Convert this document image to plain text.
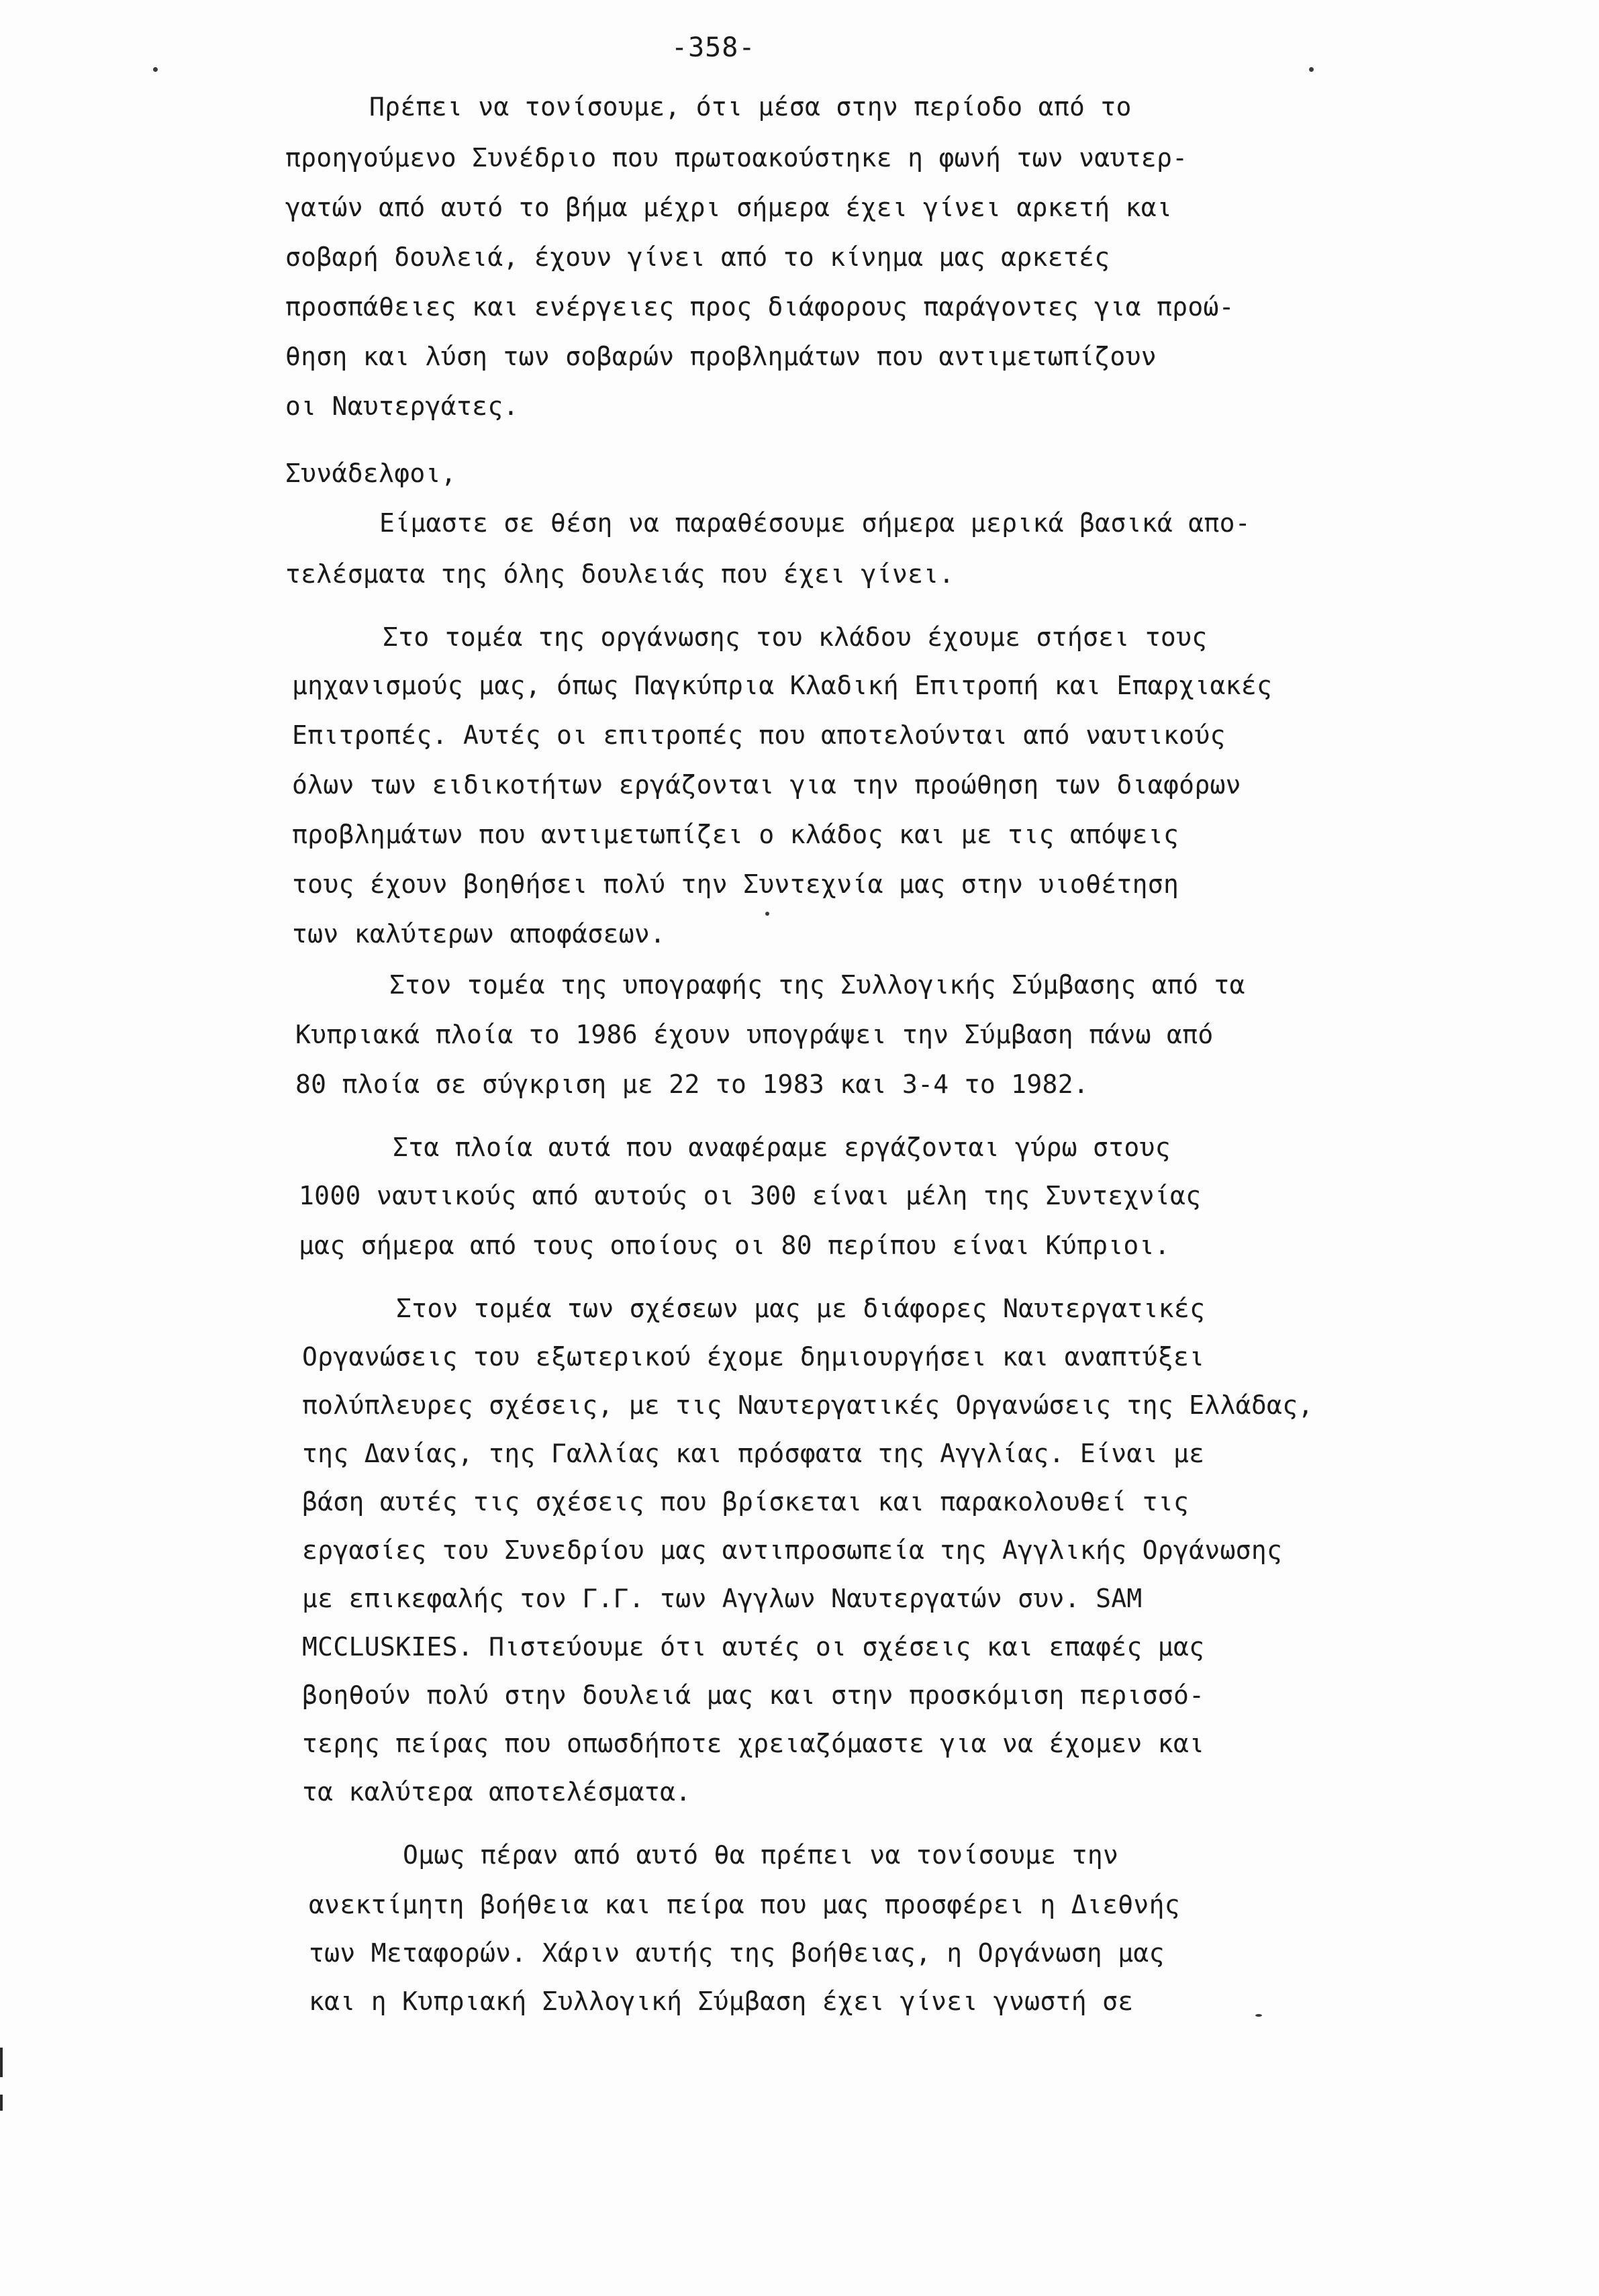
-358-
Πρέπει να τονίσουμε, ότι μέσα στην περίοδο από το
προηγούμενο Συνέδριο που πρωτοακούστηκε η φωνή των ναυτερ-
γατών από αυτό το βήμα μέχρι σήμερα έχει γίνει αρκετή και
σοβαρή δουλειά, έχουν γίνει από το κίνημα μας αρκετές
προσπάθειες και ενέργειες προς διάφορους παράγοντες για προώ-
θηση και λύση των σοβαρών προβλημάτων που αντιμετωπίζουν
οι Ναυτεργάτες.
Συνάδελφοι,
Είμαστε σε θέση να παραθέσουμε σήμερα μερικά βασικά απο-
τελέσματα της όλης δουλειάς που έχει γίνει.
Στο τομέα της οργάνωσης του κλάδου έχουμε στήσει τους
μηχανισμούς μας, όπως Παγκύπρια Κλαδική Επιτροπή και Επαρχιακές
Επιτροπές. Αυτές οι επιτροπές που αποτελούνται από ναυτικούς
όλων των ειδικοτήτων εργάζονται για την προώθηση των διαφόρων
προβλημάτων που αντιμετωπίζει ο κλάδος και με τις απόψεις
τους έχουν βοηθήσει πολύ την Συντεχνία μας στην υιοθέτηση
των καλύτερων αποφάσεων.
Στον τομέα της υπογραφής της Συλλογικής Σύμβασης από τα
Κυπριακά πλοία το 1986 έχουν υπογράψει την Σύμβαση πάνω από
80 πλοία σε σύγκριση με 22 το 1983 και 3-4 το 1982.
Στα πλοία αυτά που αναφέραμε εργάζονται γύρω στους
1000 ναυτικούς από αυτούς οι 300 είναι μέλη της Συντεχνίας
μας σήμερα από τους οποίους οι 80 περίπου είναι Κύπριοι.
Στον τομέα των σχέσεων μας με διάφορες Ναυτεργατικές
Οργανώσεις του εξωτερικού έχομε δημιουργήσει και αναπτύξει
πολύπλευρες σχέσεις, με τις Ναυτεργατικές Οργανώσεις της Ελλάδας,
της Δανίας, της Γαλλίας και πρόσφατα της Αγγλίας. Είναι με
βάση αυτές τις σχέσεις που βρίσκεται και παρακολουθεί τις
εργασίες του Συνεδρίου μας αντιπροσωπεία της Αγγλικής Οργάνωσης
με επικεφαλής τον Γ.Γ. των Αγγλων Ναυτεργατών συν. SAM
MCCLUSKIES. Πιστεύουμε ότι αυτές οι σχέσεις και επαφές μας
βοηθούν πολύ στην δουλειά μας και στην προσκόμιση περισσό-
τερης πείρας που οπωσδήποτε χρειαζόμαστε για να έχομεν και
τα καλύτερα αποτελέσματα.
Ομως πέραν από αυτό θα πρέπει να τονίσουμε την
ανεκτίμητη βοήθεια και πείρα που μας προσφέρει η Διεθνής
των Μεταφορών. Χάριν αυτής της βοήθειας, η Οργάνωση μας
και η Κυπριακή Συλλογική Σύμβαση έχει γίνει γνωστή σε
